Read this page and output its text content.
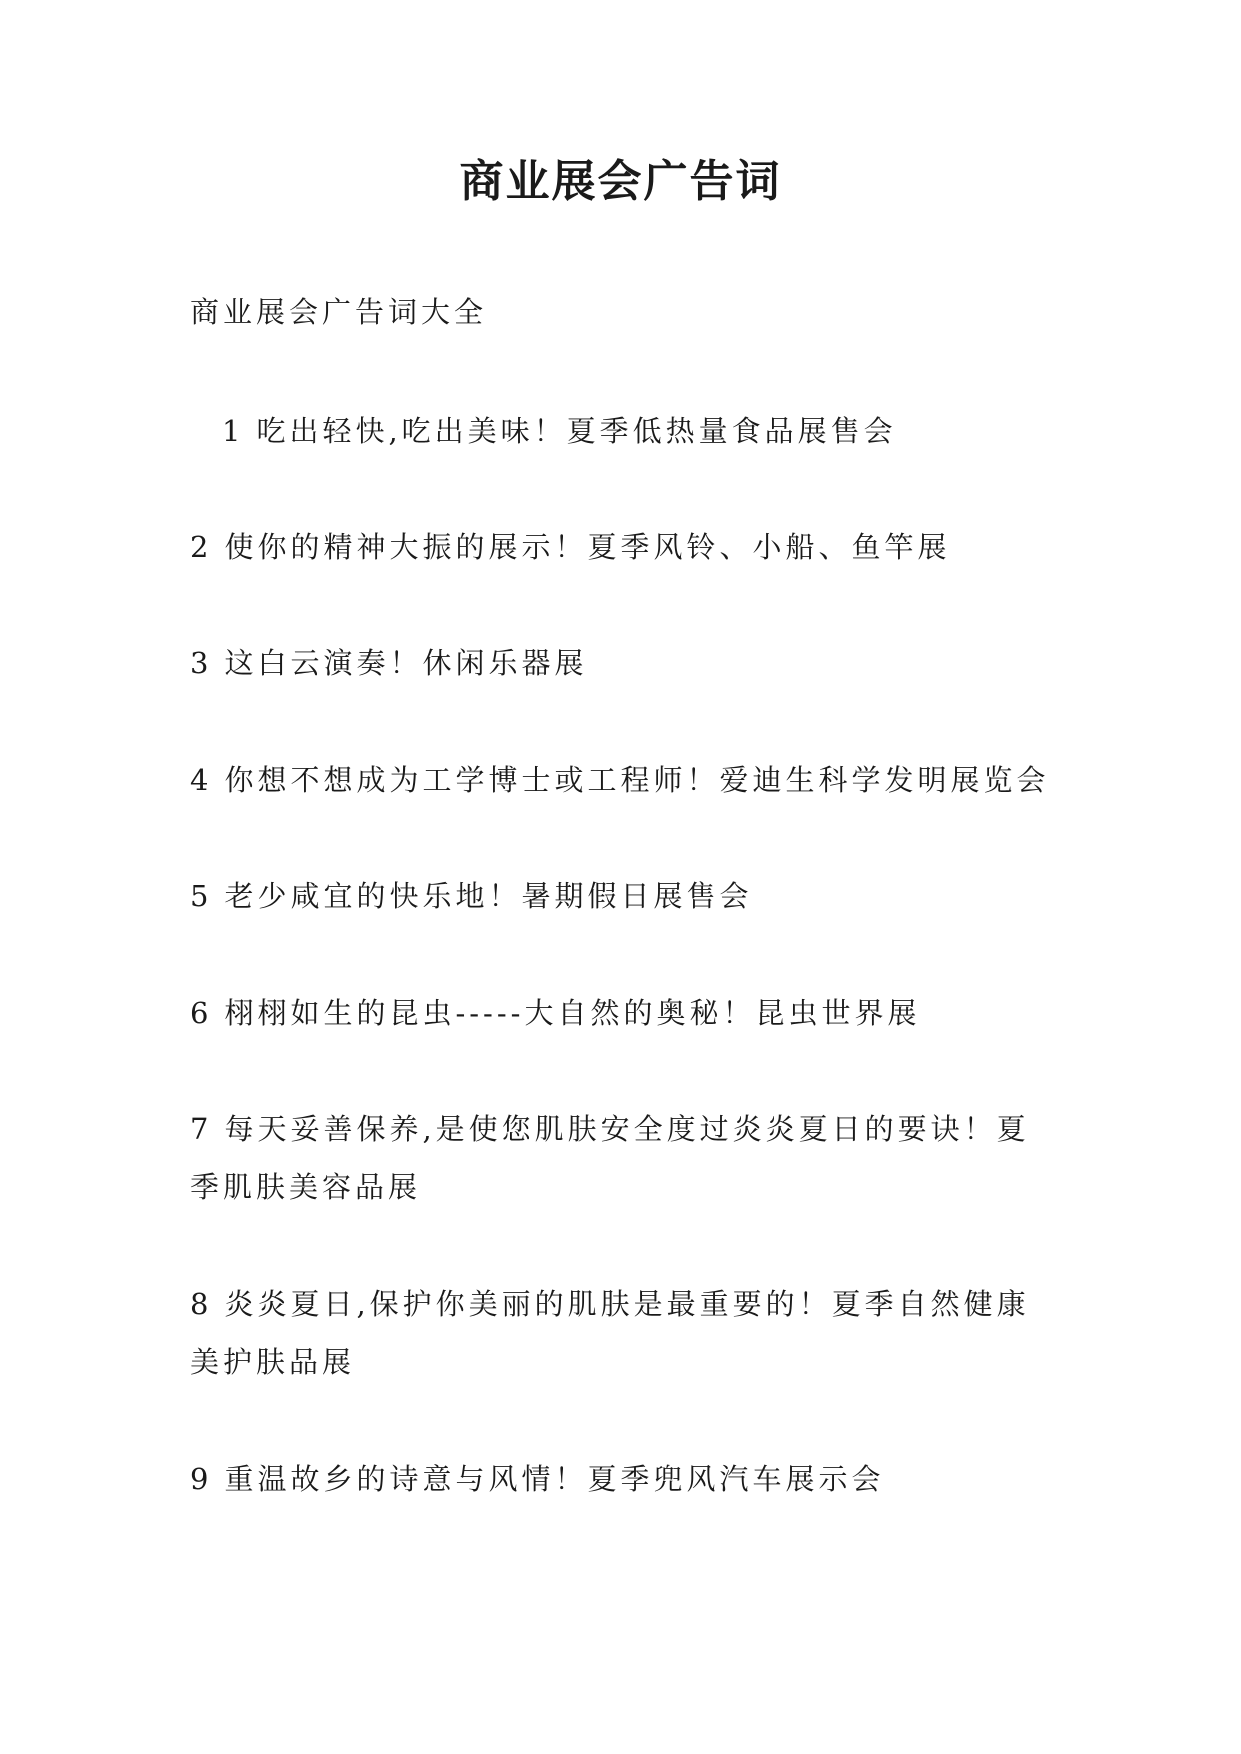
商业展会广告词
商业展会广告词大全
1 吃出轻快,吃出美味！夏季低热量食品展售会
2 使你的精神大振的展示！夏季风铃、小船、鱼竿展
3 这白云演奏！休闲乐器展
4 你想不想成为工学博士或工程师！爱迪生科学发明展览会
5 老少咸宜的快乐地！暑期假日展售会
6 栩栩如生的昆虫-----大自然的奥秘！昆虫世界展
7 每天妥善保养,是使您肌肤安全度过炎炎夏日的要诀！夏季肌肤美容品展
8 炎炎夏日,保护你美丽的肌肤是最重要的！夏季自然健康美护肤品展
9 重温故乡的诗意与风情！夏季兜风汽车展示会
